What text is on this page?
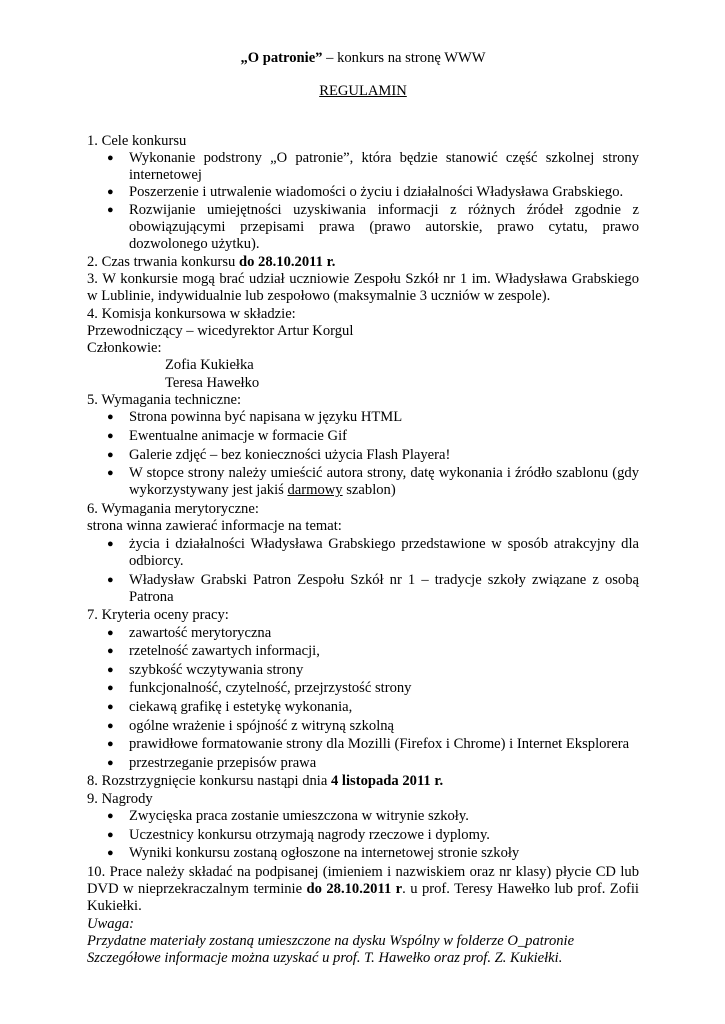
„O patronie” – konkurs na stronę WWW

REGULAMIN

1. Cele konkursu

● Wykonanie podstrony „O patronie”, która będzie stanowić część szkolnej strony internetowej
● Poszerzenie i utrwalenie wiadomości o życiu i działalności Władysława Grabskiego.
● Rozwijanie umiejętności uzyskiwania informacji z różnych źródeł zgodnie z obowiązującymi przepisami prawa (prawo autorskie, prawo cytatu, prawo dozwolonego użytku).

2. Czas trwania konkursu do 28.10.2011 r.

3. W konkursie mogą brać udział uczniowie Zespołu Szkół nr 1 im. Władysława Grabskiego w Lublinie, indywidualnie lub zespołowo (maksymalnie 3 uczniów w zespole).

4. Komisja konkursowa w składzie:

Przewodniczący – wicedyrektor Artur Korgul

Członkowie:

Zofia Kukiełka

Teresa Hawełko

5. Wymagania techniczne:

● Strona powinna być napisana w języku HTML
● Ewentualne animacje w formacie Gif
● Galerie zdjęć – bez konieczności użycia Flash Playera!
● W stopce strony należy umieścić autora strony, datę wykonania i źródło szablonu (gdy wykorzystywany jest jakiś darmowy szablon)

6. Wymagania merytoryczne:

strona winna zawierać informacje na temat:

● życia i działalności Władysława Grabskiego przedstawione w sposób atrakcyjny dla odbiorcy.
● Władysław Grabski Patron Zespołu Szkół nr 1 – tradycje szkoły związane z osobą Patrona

7. Kryteria oceny pracy:

● zawartość merytoryczna
● rzetelność zawartych informacji,
● szybkość wczytywania strony
● funkcjonalność, czytelność, przejrzystość strony
● ciekawą grafikę i estetykę wykonania,
● ogólne wrażenie i spójność z witryną szkolną
● prawidłowe formatowanie strony dla Mozilli (Firefox i Chrome) i Internet Eksplorera
● przestrzeganie przepisów prawa

8. Rozstrzygnięcie konkursu nastąpi dnia 4 listopada 2011 r.

9. Nagrody

● Zwycięska praca zostanie umieszczona w witrynie szkoły.
● Uczestnicy konkursu otrzymają nagrody rzeczowe i dyplomy.
● Wyniki konkursu zostaną ogłoszone na internetowej stronie szkoły

10. Prace należy składać na podpisanej (imieniem i nazwiskiem oraz nr klasy) płycie CD lub DVD w nieprzekraczalnym terminie do 28.10.2011 r. u prof. Teresy Hawełko lub prof. Zofii Kukiełki.

Uwaga:

Przydatne materiały zostaną umieszczone na dysku Wspólny w folderze O_patronie

Szczegółowe informacje można uzyskać u prof. T. Hawełko oraz prof. Z. Kukiełki.
